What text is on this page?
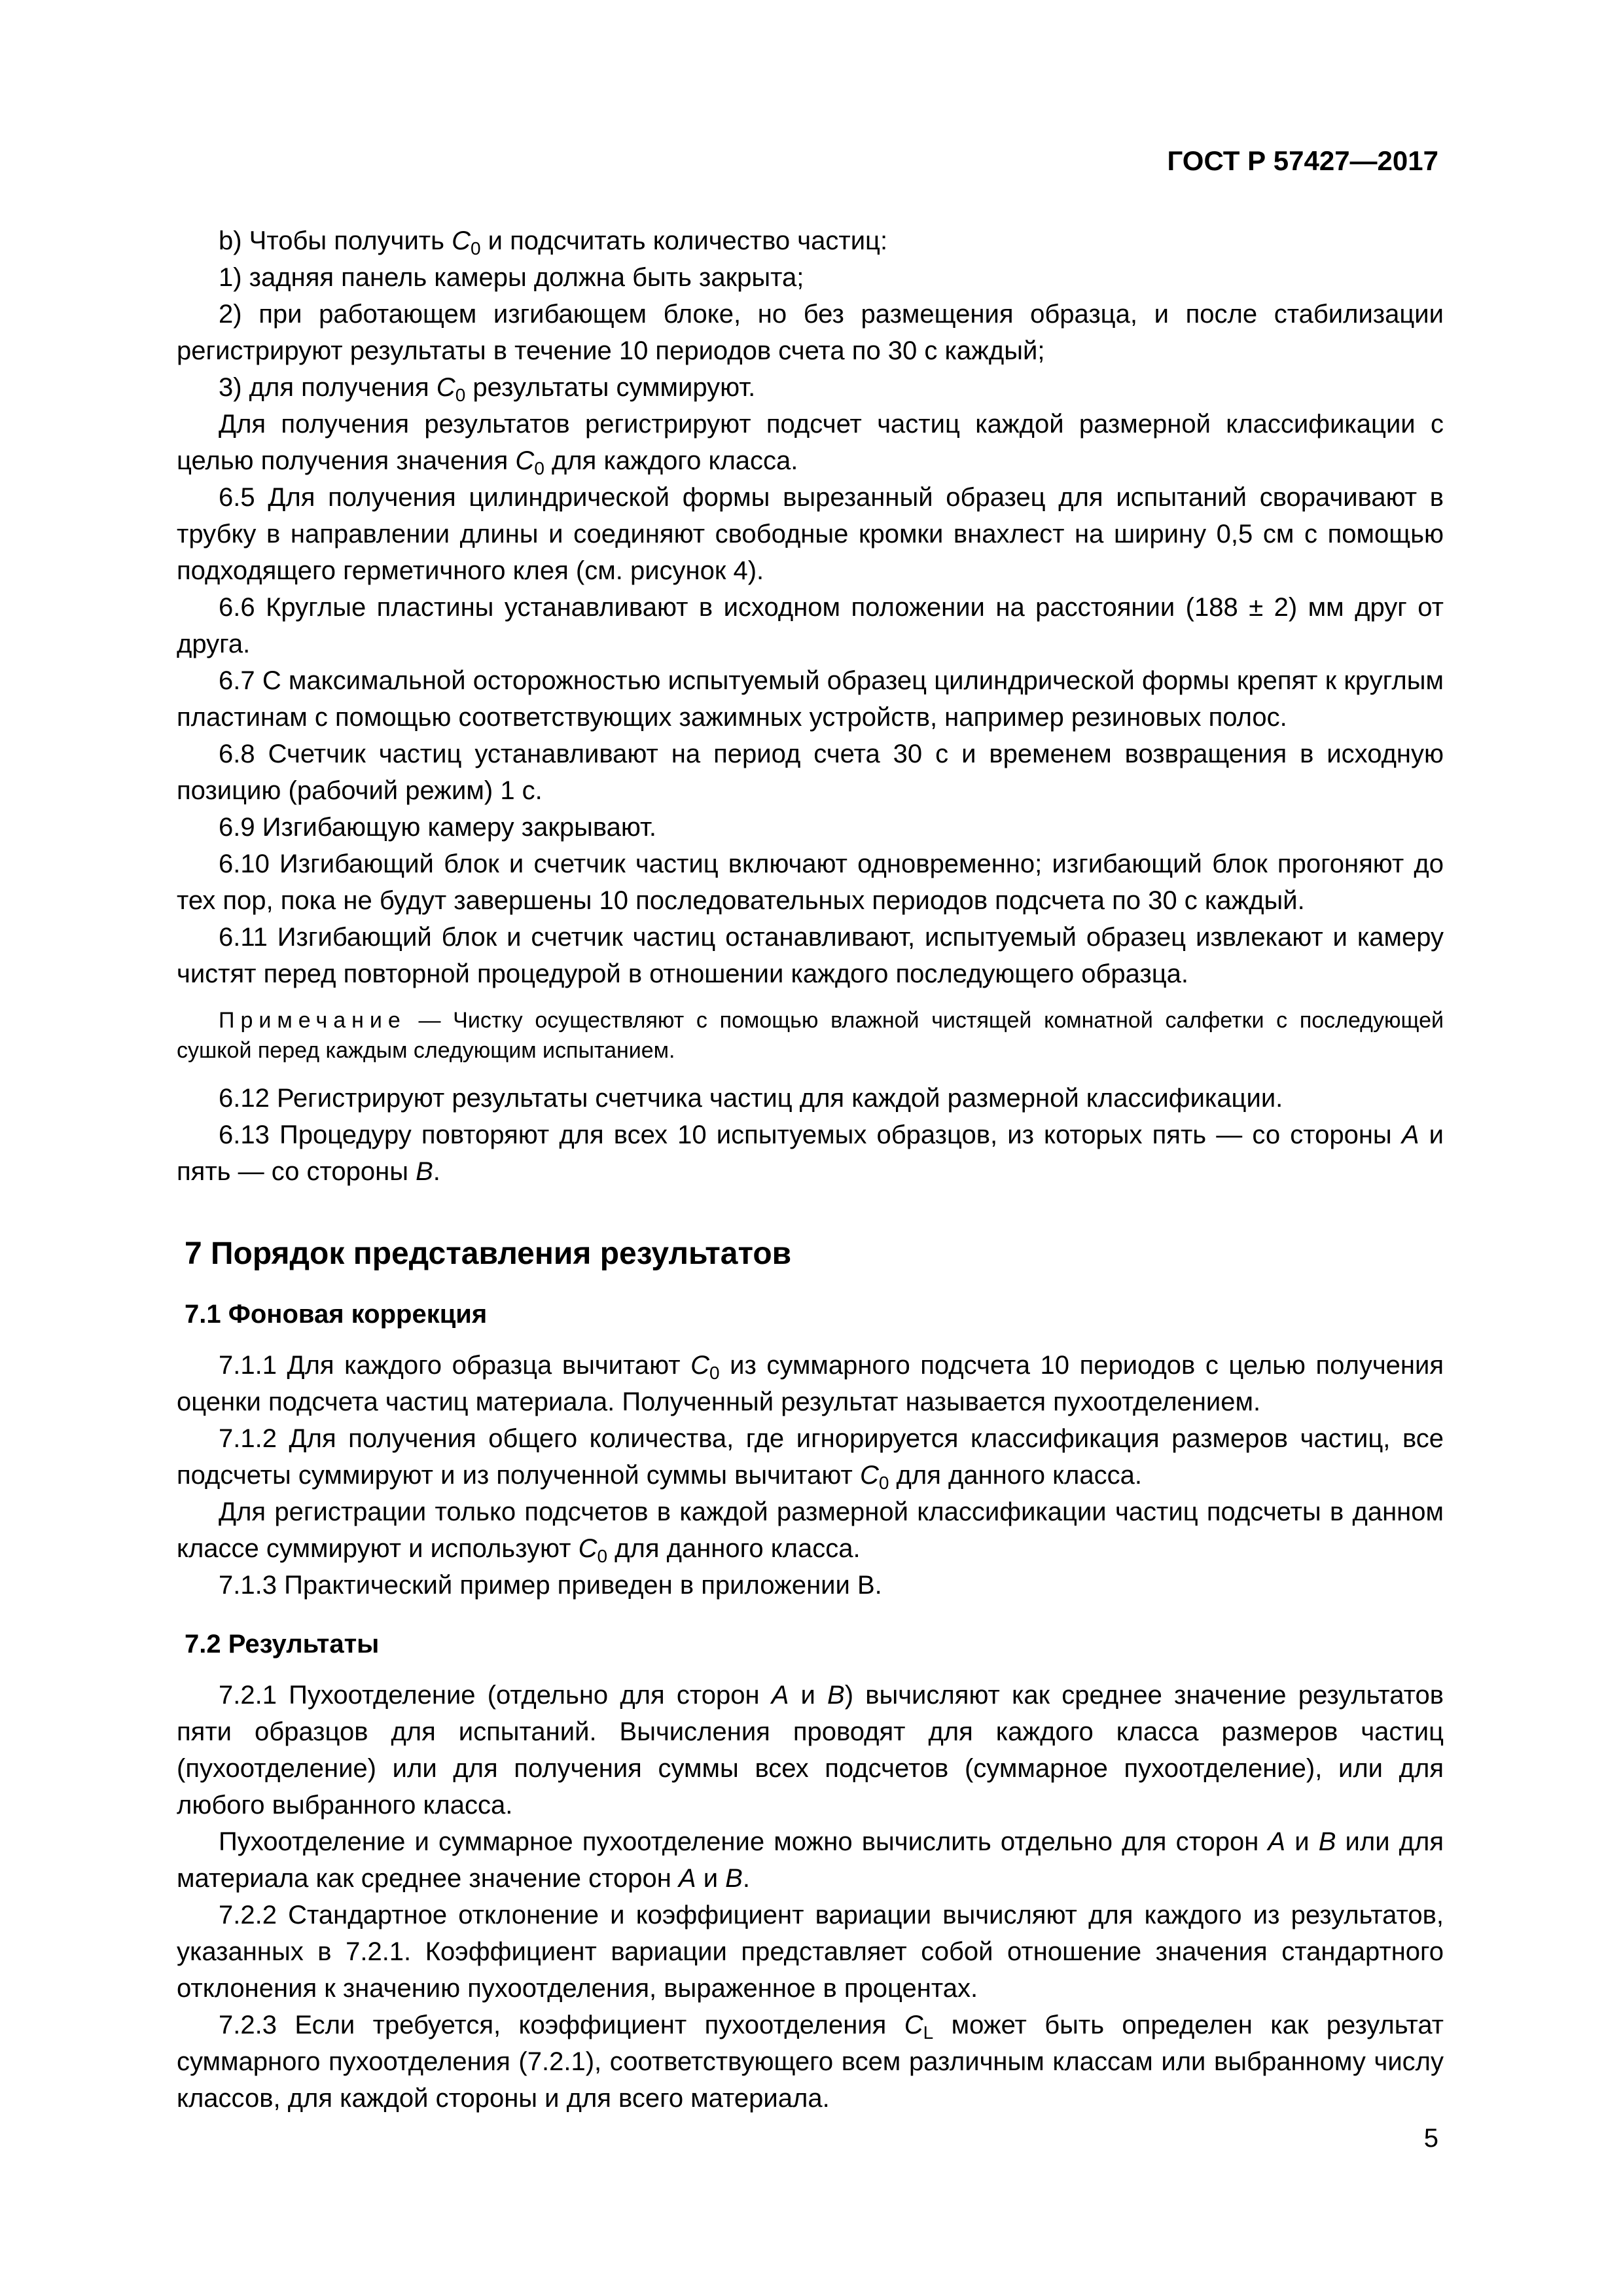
ГОСТ Р 57427—2017

b) Чтобы получить $C_0$ и подсчитать количество частиц:

1) задняя панель камеры должна быть закрыта;

2) при работающем изгибающем блоке, но без размещения образца, и после стабилизации регистрируют результаты в течение 10 периодов счета по 30 с каждый;

3) для получения $C_0$ результаты суммируют.

Для получения результатов регистрируют подсчет частиц каждой размерной классификации с целью получения значения $C_0$ для каждого класса.

6.5 Для получения цилиндрической формы вырезанный образец для испытаний сворачивают в трубку в направлении длины и соединяют свободные кромки внахлест на ширину 0,5 см с помощью подходящего герметичного клея (см. рисунок 4).

6.6 Круглые пластины устанавливают в исходном положении на расстоянии (188 ± 2) мм друг от друга.

6.7 С максимальной осторожностью испытуемый образец цилиндрической формы крепят к круглым пластинам с помощью соответствующих зажимных устройств, например резиновых полос.

6.8 Счетчик частиц устанавливают на период счета 30 с и временем возвращения в исходную позицию (рабочий режим) 1 с.

6.9 Изгибающую камеру закрывают.

6.10 Изгибающий блок и счетчик частиц включают одновременно; изгибающий блок прогоняют до тех пор, пока не будут завершены 10 последовательных периодов подсчета по 30 с каждый.

6.11 Изгибающий блок и счетчик частиц останавливают, испытуемый образец извлекают и камеру чистят перед повторной процедурой в отношении каждого последующего образца.

Примечание — Чистку осуществляют с помощью влажной чистящей комнатной салфетки с последующей сушкой перед каждым следующим испытанием.

6.12 Регистрируют результаты счетчика частиц для каждой размерной классификации.

6.13 Процедуру повторяют для всех 10 испытуемых образцов, из которых пять — со стороны A и пять — со стороны B.

7 Порядок представления результатов
7.1 Фоновая коррекция

7.1.1 Для каждого образца вычитают $C_0$ из суммарного подсчета 10 периодов с целью получения оценки подсчета частиц материала. Полученный результат называется пухоотделением.

7.1.2 Для получения общего количества, где игнорируется классификация размеров частиц, все подсчеты суммируют и из полученной суммы вычитают $C_0$ для данного класса.

Для регистрации только подсчетов в каждой размерной классификации частиц подсчеты в данном классе суммируют и используют $C_0$ для данного класса.

7.1.3 Практический пример приведен в приложении В.

7.2 Результаты

7.2.1 Пухоотделение (отдельно для сторон A и B) вычисляют как среднее значение результатов пяти образцов для испытаний. Вычисления проводят для каждого класса размеров частиц (пухоотделение) или для получения суммы всех подсчетов (суммарное пухоотделение), или для любого выбранного класса.

Пухоотделение и суммарное пухоотделение можно вычислить отдельно для сторон A и B или для материала как среднее значение сторон A и B.

7.2.2 Стандартное отклонение и коэффициент вариации вычисляют для каждого из результатов, указанных в 7.2.1. Коэффициент вариации представляет собой отношение значения стандартного отклонения к значению пухоотделения, выраженное в процентах.

7.2.3 Если требуется, коэффициент пухоотделения $C_L$ может быть определен как результат суммарного пухоотделения (7.2.1), соответствующего всем различным классам или выбранному числу классов, для каждой стороны и для всего материала.

5
